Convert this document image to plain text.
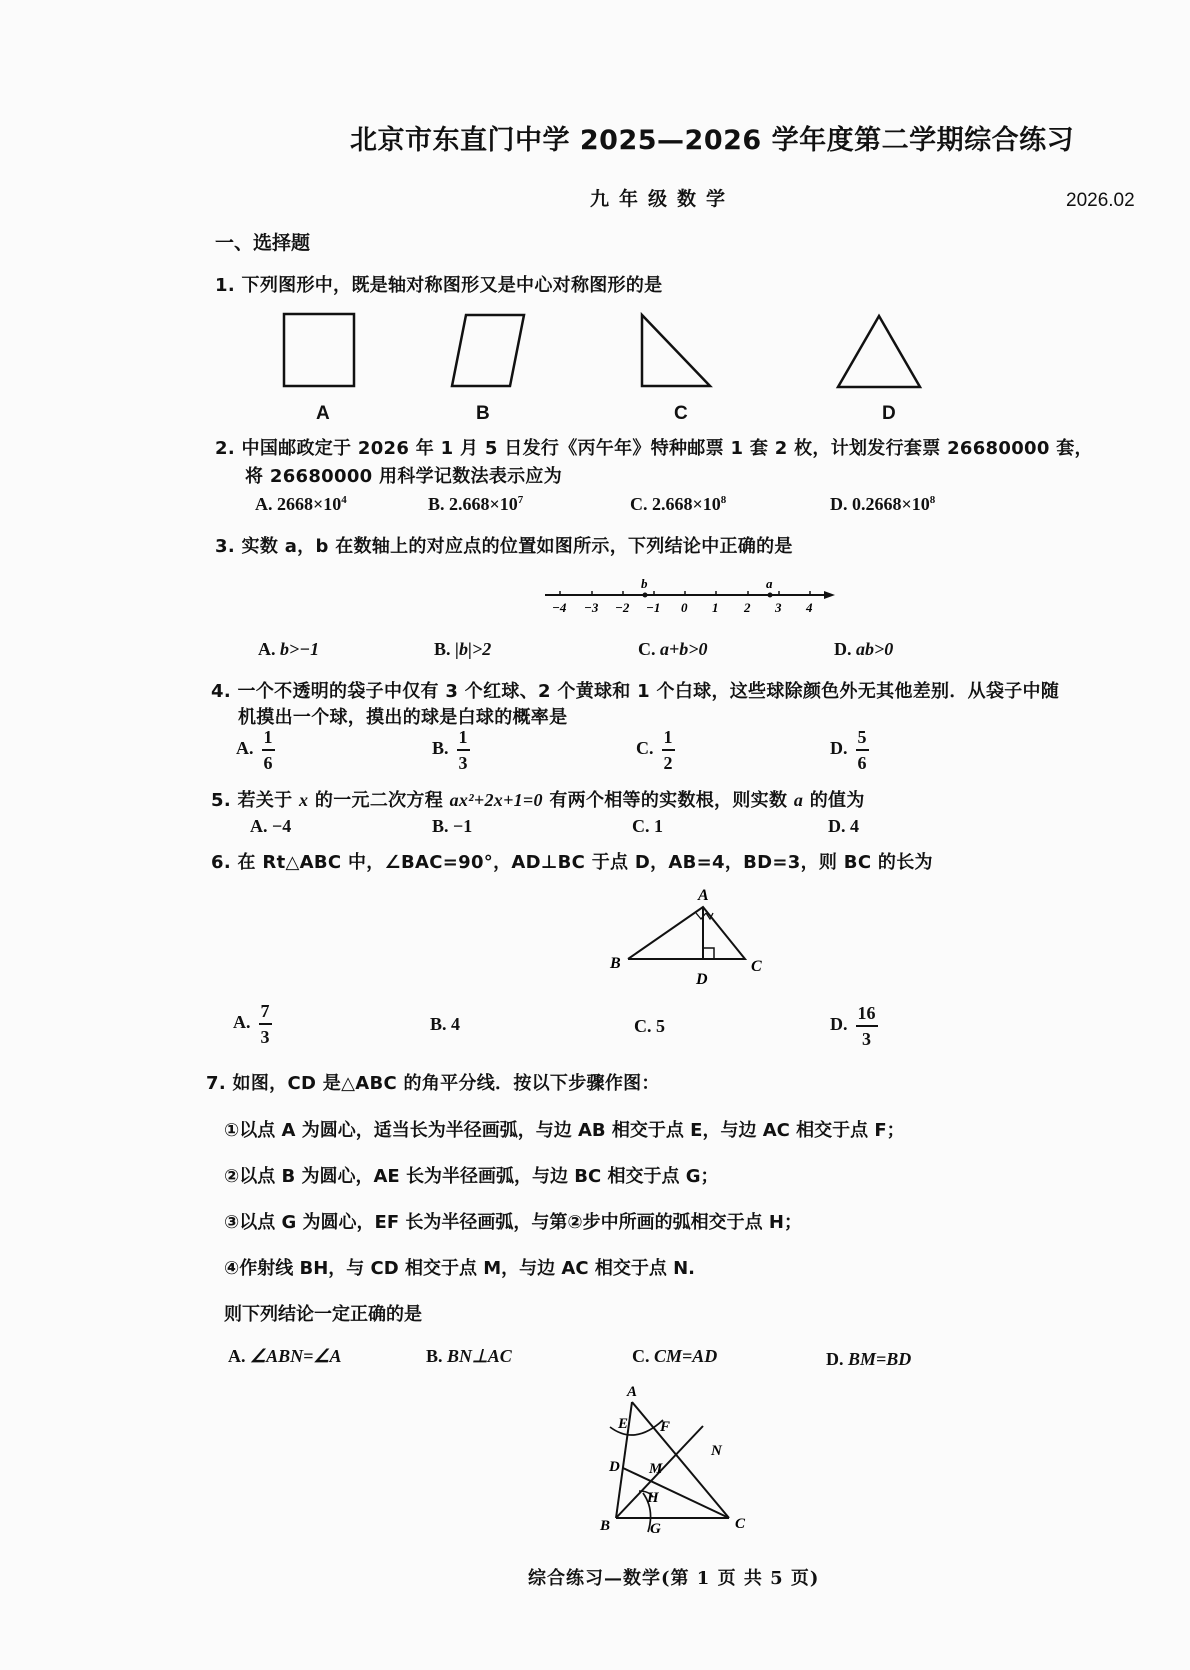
北京市东直门中学 2025—2026 学年度第二学期综合练习
九年级数学	2026.02
一、选择题
1. 下列图形中，既是轴对称图形又是中心对称图形的是
A	B	C	D
2. 中国邮政定于 2026 年 1 月 5 日发行《丙午年》特种邮票 1 套 2 枚，计划发行套票 26680000 套，
将 26680000 用科学记数法表示应为
A. $2668\times 10^4$	B. $2.668\times 10^7$	C. $2.668\times 10^8$	D. $0.2668\times 10^8$
3. 实数 a，b 在数轴上的对应点的位置如图所示，下列结论中正确的是
b	a
−4 −3 −2 −1 0 1 2 3 4
A. b>−1	B. |b|>2	C. a+b>0	D. ab>0
4. 一个不透明的袋子中仅有 3 个红球、2 个黄球和 1 个白球，这些球除颜色外无其他差别．从袋子中随
机摸出一个球，摸出的球是白球的概率是
A. $\frac{1}{6}$	B. $\frac{1}{3}$	C. $\frac{1}{2}$	D. $\frac{5}{6}$
5. 若关于 x 的一元二次方程 ax²+2x+1=0 有两个相等的实数根，则实数 a 的值为
A. −4	B. −1	C. 1	D. 4
6. 在 Rt△ABC 中，∠BAC=90°，AD⊥BC 于点 D，AB=4，BD=3，则 BC 的长为
A
B	C
D
A. $\frac{7}{3}$	B. 4	C. 5	D. $\frac{16}{3}$
7. 如图，CD 是△ABC 的角平分线．按以下步骤作图：
①以点 A 为圆心，适当长为半径画弧，与边 AB 相交于点 E，与边 AC 相交于点 F；
②以点 B 为圆心，AE 长为半径画弧，与边 BC 相交于点 G；
③以点 G 为圆心，EF 长为半径画弧，与第②步中所画的弧相交于点 H；
④作射线 BH，与 CD 相交于点 M，与边 AC 相交于点 N.
则下列结论一定正确的是
A. ∠ABN=∠A	B. BN⊥AC	C. CM=AD	D. BM=BD
A
E F
N
D M
H
B	G	C
综合练习—数学(第 1 页 共 5 页)
